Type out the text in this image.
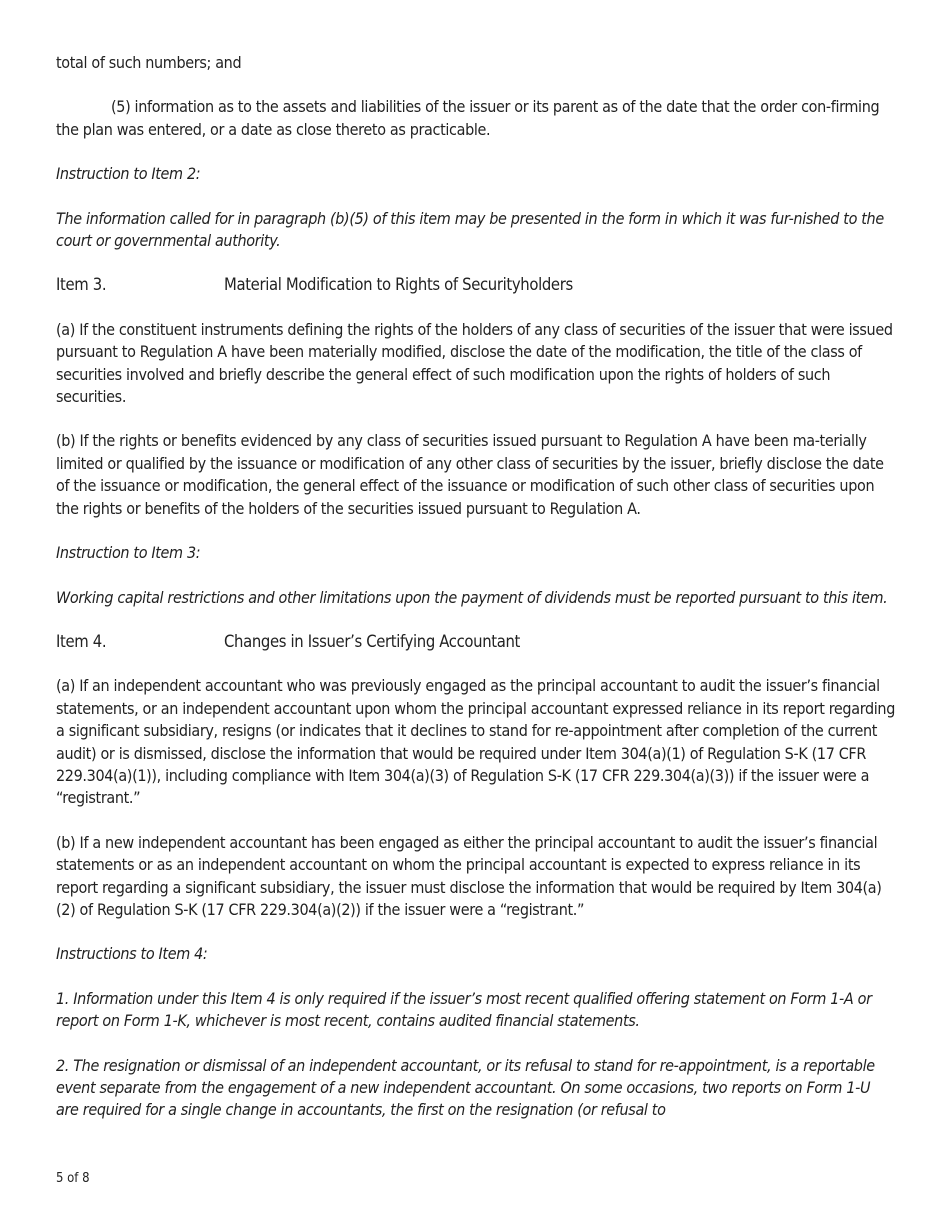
total of such numbers; and

(5) information as to the assets and liabilities of the issuer or its parent as of the date that the order con-firming the plan was entered, or a date as close thereto as practicable.

Instruction to Item 2:

The information called for in paragraph (b)(5) of this item may be presented in the form in which it was fur-nished to the court or governmental authority.

Item 3.	Material Modification to Rights of Securityholders

(a) If the constituent instruments defining the rights of the holders of any class of securities of the issuer that were issued pursuant to Regulation A have been materially modified, disclose the date of the modification, the title of the class of securities involved and briefly describe the general effect of such modification upon the rights of holders of such securities.

(b) If the rights or benefits evidenced by any class of securities issued pursuant to Regulation A have been ma-terially limited or qualified by the issuance or modification of any other class of securities by the issuer, briefly disclose the date of the issuance or modification, the general effect of the issuance or modification of such other class of securities upon the rights or benefits of the holders of the securities issued pursuant to Regulation A.

Instruction to Item 3:

Working capital restrictions and other limitations upon the payment of dividends must be reported pursuant to this item.

Item 4.	Changes in Issuer’s Certifying Accountant

(a) If an independent accountant who was previously engaged as the principal accountant to audit the issuer’s financial statements, or an independent accountant upon whom the principal accountant expressed reliance in its report regarding a significant subsidiary, resigns (or indicates that it declines to stand for re-appointment after completion of the current audit) or is dismissed, disclose the information that would be required under Item 304(a)(1) of Regulation S-K (17 CFR 229.304(a)(1)), including compliance with Item 304(a)(3) of Regulation S-K (17 CFR 229.304(a)(3)) if the issuer were a “registrant.”

(b) If a new independent accountant has been engaged as either the principal accountant to audit the issuer’s financial statements or as an independent accountant on whom the principal accountant is expected to express reliance in its report regarding a significant subsidiary, the issuer must disclose the information that would be required by Item 304(a)(2) of Regulation S-K (17 CFR 229.304(a)(2)) if the issuer were a “registrant.”

Instructions to Item 4:

1. Information under this Item 4 is only required if the issuer’s most recent qualified offering statement on Form 1-A or report on Form 1-K, whichever is most recent, contains audited financial statements.

2. The resignation or dismissal of an independent accountant, or its refusal to stand for re-appointment, is a reportable event separate from the engagement of a new independent accountant. On some occasions, two reports on Form 1-U are required for a single change in accountants, the first on the resignation (or refusal to

5 of 8
